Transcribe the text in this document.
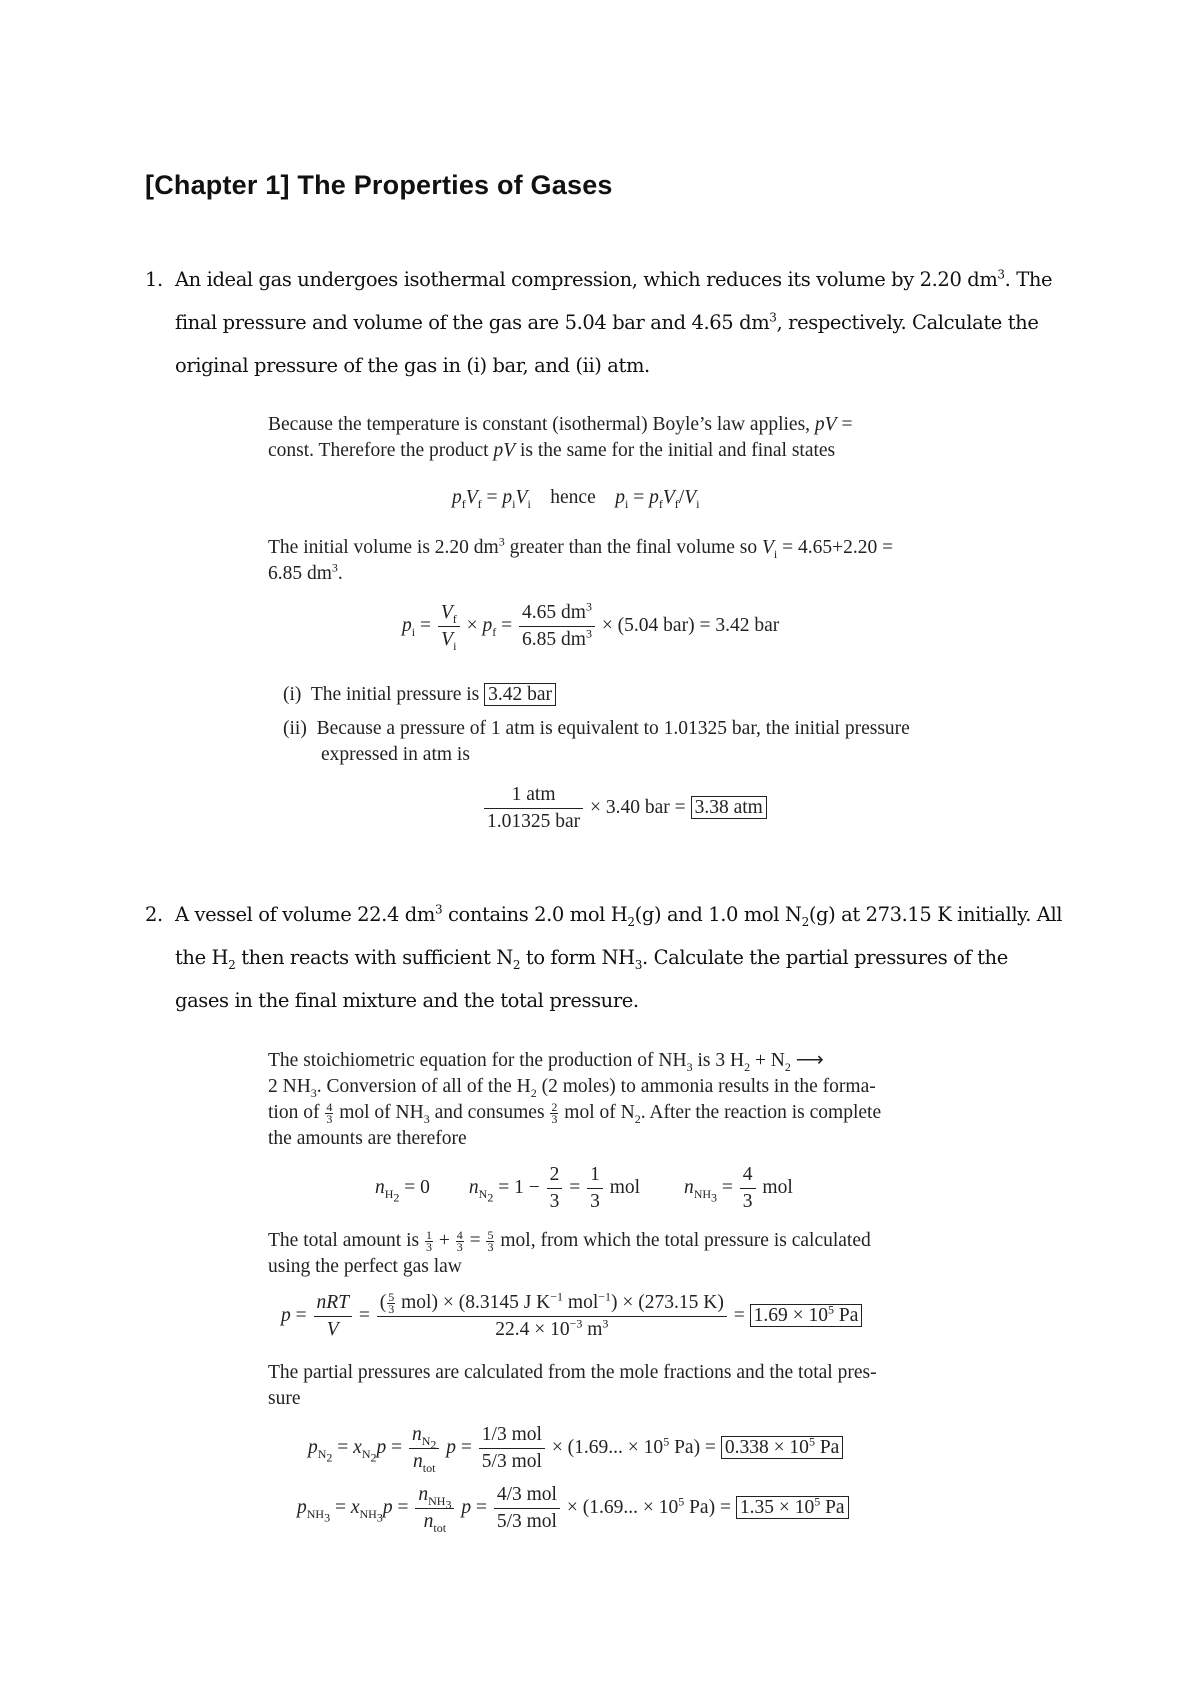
[Chapter 1] The Properties of Gases
1. An ideal gas undergoes isothermal compression, which reduces its volume by 2.20 $dm^3$. The final pressure and volume of the gas are 5.04 bar and 4.65 $dm^3$, respectively. Calculate the original pressure of the gas in (i) bar, and (ii) atm.
Because the temperature is constant (isothermal) Boyle’s law applies, pV =
const. Therefore the product pV is the same for the initial and final states
$p_fV_f = p_iV_i$ hence $p_i = p_fV_f/V_i$
The initial volume is 2.20 $dm^3$ greater than the final volume so $V_i = 4.65+2.20$ =
6.85 $dm^3$.
$p_i = \frac{V_f}{V_i} \times p_f = \frac{4.65 dm^3}{6.85 dm^3} \times (5.04$ bar) = 3.42 bar
(i) The initial pressure is 3.42 bar
(ii) Because a pressure of 1 atm is equivalent to 1.01325 bar, the initial pressure
expressed in atm is
$\frac{\text{1 atm}}{\text{1.01325 bar}} \times 3.40$ bar = 3.38 atm
2. A vessel of volume 22.4 $dm^3$ contains 2.0 mol $H_2(g)$ and 1.0 mol $N_2(g)$ at 273.15 K initially. All the $H_2$ then reacts with sufficient $N_2$ to form $NH_3$. Calculate the partial pressures of the gases in the final mixture and the total pressure.
The stoichiometric equation for the production of $NH_3$ is 3 $H_2 + N_2$ ⟶
2 $NH_3$. Conversion of all of the $H_2$ (2 moles) to ammonia results in the forma-
tion of $\frac{4}{3}$ mol of $NH_3$ and consumes $\frac{2}{3}$ mol of $N_2$. After the reaction is complete
the amounts are therefore
$n_{H_2} = 0$ $n_{N_2} = 1 - \frac{2}{3} = \frac{1}{3}$ mol $n_{NH_3} = \frac{4}{3}$ mol
The total amount is $\frac{1}{3} + \frac{4}{3} = \frac{5}{3}$ mol, from which the total pressure is calculated
using the perfect gas law
$p = \frac{\text{nRT}}{V} = \frac{( \frac{5}{3} mol) \times (8.3145 J K^{-1} mol^{-1}) \times (273.15 K)}{22.4 \times 10^{-3} m^3} = 1.69 \times 10^5$ Pa
The partial pressures are calculated from the mole fractions and the total pres-
sure
$p_{N_2} = x_{N_2}p = \frac{n_{N_2}}{n_{tot}}$ $p = \frac{\text{1/3 mol}}{\text{5/3 mol}} \times (1.69$... × $10^5$ $Pa) = 0.338 \times 10^5$ Pa
$p_{NH_3} = x_{NH_3}p = \frac{n_{NH_3}}{n_{tot}}$ $p = \frac{\text{4/3 mol}}{\text{5/3 mol}} \times (1.69$... × $10^5$ $Pa) = 1.35 \times 10^5$ Pa
